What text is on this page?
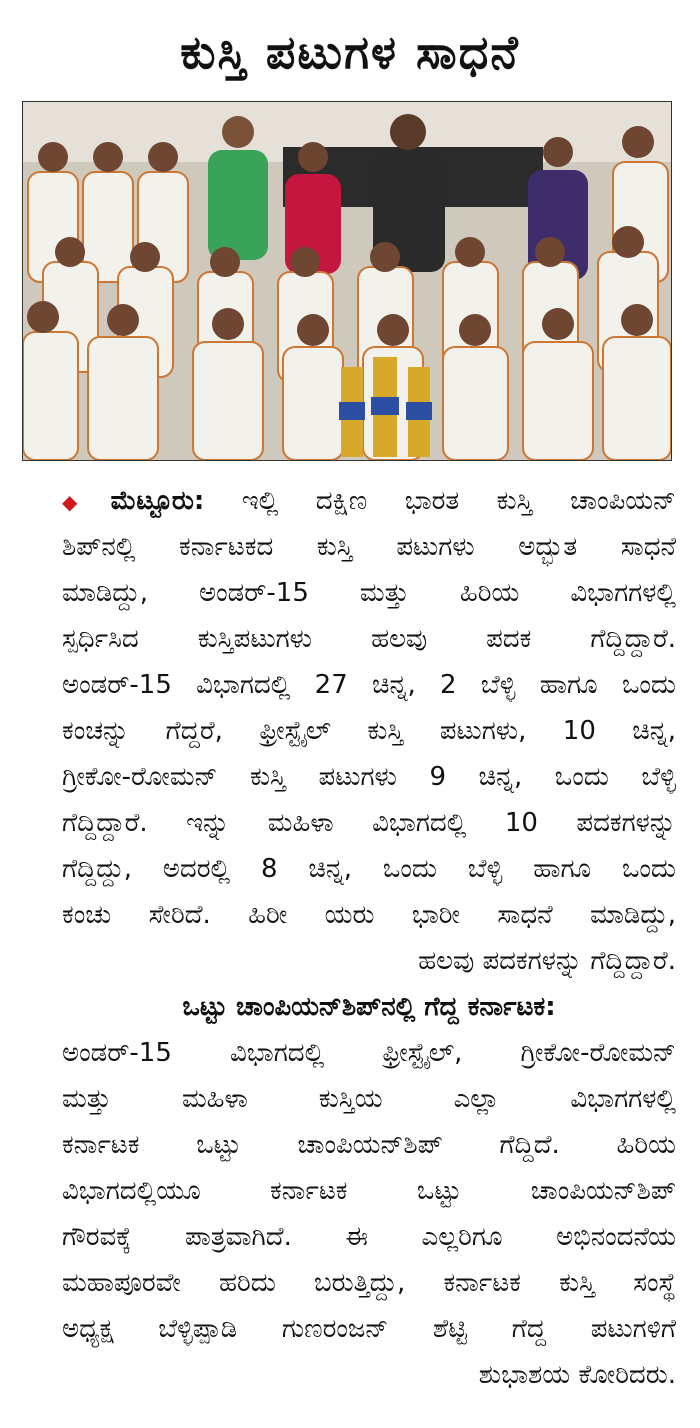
ಕುಸ್ತಿ ಪಟುಗಳ ಸಾಧನೆ
◆ ಮೆಟ್ಟೂರು: ಇಲ್ಲಿ ದಕ್ಷಿಣ ಭಾರತ ಕುಸ್ತಿ ಚಾಂಪಿಯನ್
ಶಿಪ್‌ನಲ್ಲಿ ಕರ್ನಾಟಕದ ಕುಸ್ತಿ ಪಟುಗಳು ಅದ್ಭುತ ಸಾಧನೆ
ಮಾಡಿದ್ದು, ಅಂಡರ್-15 ಮತ್ತು ಹಿರಿಯ ವಿಭಾಗಗಳಲ್ಲಿ
ಸ್ಪರ್ಧಿಸಿದ ಕುಸ್ತಿಪಟುಗಳು ಹಲವು ಪದಕ ಗೆದ್ದಿದ್ದಾರೆ.
ಅಂಡರ್-15 ವಿಭಾಗದಲ್ಲಿ 27 ಚಿನ್ನ, 2 ಬೆಳ್ಳಿ ಹಾಗೂ ಒಂದು
ಕಂಚನ್ನು ಗೆದ್ದರೆ, ಫ್ರೀಸ್ಟೈಲ್ ಕುಸ್ತಿ ಪಟುಗಳು, 10 ಚಿನ್ನ,
ಗ್ರೀಕೋ-ರೋಮನ್ ಕುಸ್ತಿ ಪಟುಗಳು 9 ಚಿನ್ನ, ಒಂದು ಬೆಳ್ಳಿ
ಗೆದ್ದಿದ್ದಾರೆ. ಇನ್ನು ಮಹಿಳಾ ವಿಭಾಗದಲ್ಲಿ 10 ಪದಕಗಳನ್ನು
ಗೆದ್ದಿದ್ದು, ಅದರಲ್ಲಿ 8 ಚಿನ್ನ, ಒಂದು ಬೆಳ್ಳಿ ಹಾಗೂ ಒಂದು
ಕಂಚು ಸೇರಿದೆ. ಹಿರೀ ಯರು ಭಾರೀ ಸಾಧನೆ ಮಾಡಿದ್ದು,
ಹಲವು ಪದಕಗಳನ್ನು ಗೆದ್ದಿದ್ದಾರೆ.
ಒಟ್ಟು ಚಾಂಪಿಯನ್‌ಶಿಪ್‌ನಲ್ಲಿ ಗೆದ್ದ ಕರ್ನಾಟಕ:
ಅಂಡರ್-15 ವಿಭಾಗದಲ್ಲಿ ಫ್ರೀಸ್ಟೈಲ್, ಗ್ರೀಕೋ-ರೋಮನ್
ಮತ್ತು ಮಹಿಳಾ ಕುಸ್ತಿಯ ಎಲ್ಲಾ ವಿಭಾಗಗಳಲ್ಲಿ
ಕರ್ನಾಟಕ ಒಟ್ಟು ಚಾಂಪಿಯನ್‌ಶಿಪ್ ಗೆದ್ದಿದೆ. ಹಿರಿಯ
ವಿಭಾಗದಲ್ಲಿಯೂ ಕರ್ನಾಟಕ ಒಟ್ಟು ಚಾಂಪಿಯನ್‌ಶಿಪ್
ಗೌರವಕ್ಕೆ ಪಾತ್ರವಾಗಿದೆ. ಈ ಎಲ್ಲರಿಗೂ ಅಭಿನಂದನೆಯ
ಮಹಾಪೂರವೇ ಹರಿದು ಬರುತ್ತಿದ್ದು, ಕರ್ನಾಟಕ ಕುಸ್ತಿ ಸಂಸ್ಥೆ
ಅಧ್ಯಕ್ಷ ಬೆಳ್ಳಿಪ್ಪಾಡಿ ಗುಣರಂಜನ್ ಶೆಟ್ಟಿ ಗೆದ್ದ ಪಟುಗಳಿಗೆ
ಶುಭಾಶಯ ಕೋರಿದರು.
